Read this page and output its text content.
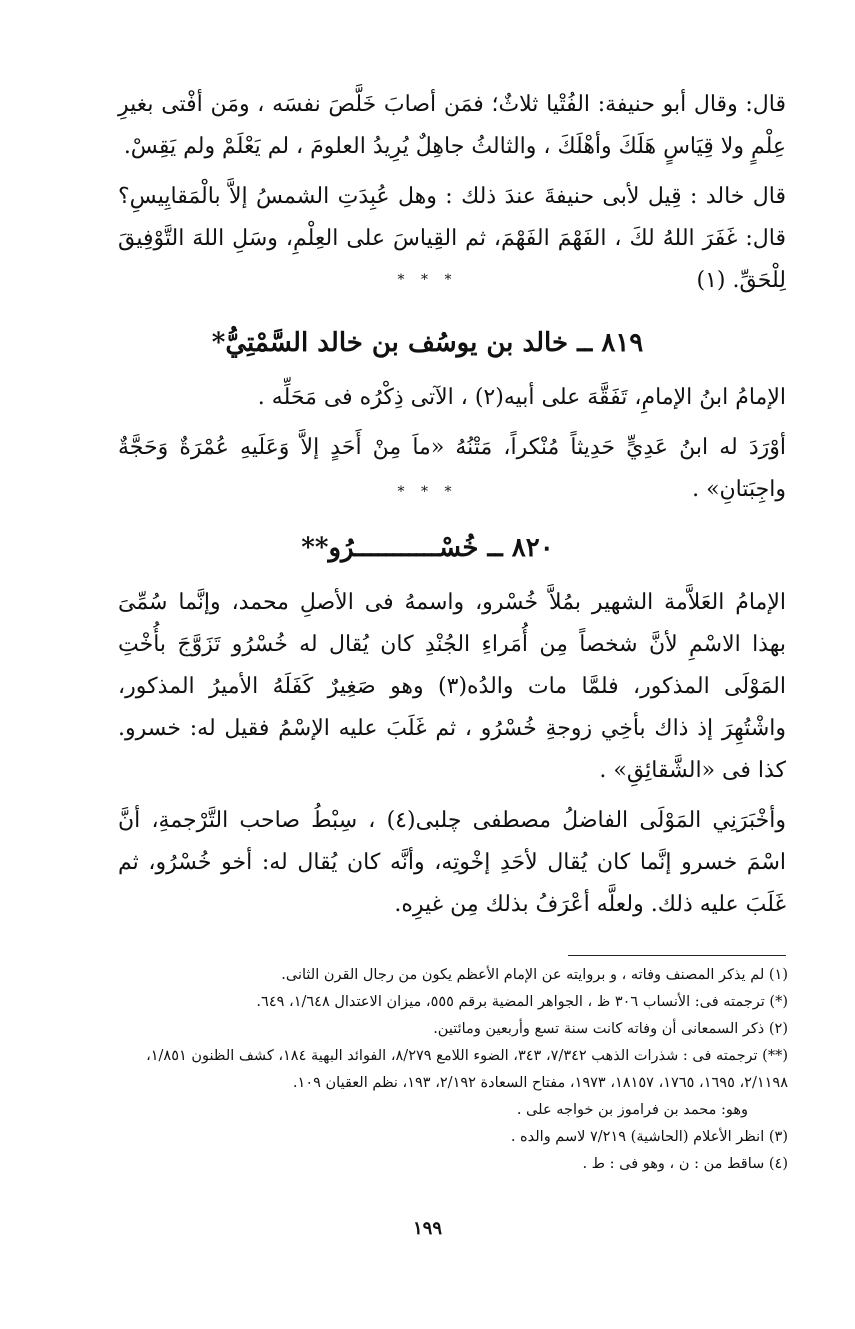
قال: وقال أبو حنيفة: الفُتْيا ثلاثٌ؛ فمَن أصابَ خَلَّصَ نفسَه ، ومَن أفْتى بغيرِ عِلْمٍ ولا قِيَاسٍ هَلَكَ وأهْلَكَ ، والثالثُ جاهِلٌ يُرِيدُ العلومَ ، لم يَعْلَمْ ولم يَقِسْ.

قال خالد : قِيل لأبى حنيفةَ عندَ ذلك : وهل عُبِدَتِ الشمسُ إلاَّ بالْمَقايِيسِ؟ قال: غَفَرَ اللهُ لكَ ، الفَهْمَ الفَهْمَ، ثم القِياسَ على العِلْمِ، وسَلِ اللهَ التَّوْفِيقَ لِلْحَقِّ. (١)

* * *
٨١٩ ــ خالد بن يوسُف بن خالد السَّمْتِيُّ*

الإمامُ ابنُ الإمامِ، تَفَقَّهَ على أبيه(٢) ، الآتى ذِكْرُه فى مَحَلِّه .

أوْرَدَ له ابنُ عَدِيٍّ حَدِيثاً مُنْكراً، مَتْنُهُ «ماَ مِنْ أَحَدٍ إلاَّ وَعَلَيهِ عُمْرَةٌ وَحَجَّةٌ واجِبَتانِ» .

* * *
٨٢٠ ــ خُسْـــــــــــرُو**

الإمامُ العَلاَّمة الشهير بمُلاَّ خُسْرو، واسمهُ فى الأصلِ محمد، وإنَّما سُمِّىَ بهذا الاسْمِ لأنَّ شخصاً مِن أُمَراءِ الجُنْدِ كان يُقال له خُسْرُو تَزَوَّجَ بأُخْتِ المَوْلَى المذكور، فلمَّا مات والدُه(٣) وهو صَغِيرٌ كَفَلَهُ الأميرُ المذكور، واشْتُهِرَ إذ ذاك بأخِي زوجةِ خُسْرُو ، ثم غَلَبَ عليه الإسْمُ فقيل له: خسرو. كذا فى «الشَّقائِقِ» .

وأخْبَرَنِي المَوْلَى الفاضلُ مصطفى چلبى(٤) ، سِبْطُ صاحب التَّرْجمةِ، أنَّ اسْمَ خسرو إنَّما كان يُقال لأحَدِ إخْوتِه، وأنَّه كان يُقال له: أخو خُسْرُو، ثم غَلَبَ عليه ذلك. ولعلَّه أعْرَفُ بذلك مِن غيرِه.

(١) لم يذكر المصنف وفاته ، و بروايته عن الإمام الأعظم يكون من رجال القرن الثانى.

(*) ترجمته فى: الأنساب ٣٠٦ ظ ، الجواهر المضية برقم ٥٥٥، ميزان الاعتدال ١/٦٤٨، ٦٤٩.

(٢) ذكر السمعانى أن وفاته كانت سنة تسع وأربعين ومائتين.

(**) ترجمته فى : شذرات الذهب ٧/٣٤٢، ٣٤٣، الضوء اللامع ٨/٢٧٩، الفوائد البهية ١٨٤، كشف الظنون ١/٨٥١،

٢/١١٩٨، ١٦٩٥، ١٧٦٥، ١٨١٥٧، ١٩٧٣، مفتاح السعادة ٢/١٩٢، ١٩٣، نظم العقيان ١٠٩.

وهو: محمد بن فراموز بن خواجه على .

(٣) انظر الأعلام (الحاشية) ٧/٢١٩ لاسم والده .

(٤) ساقط من : ن ، وهو فى : ط .

١٩٩
